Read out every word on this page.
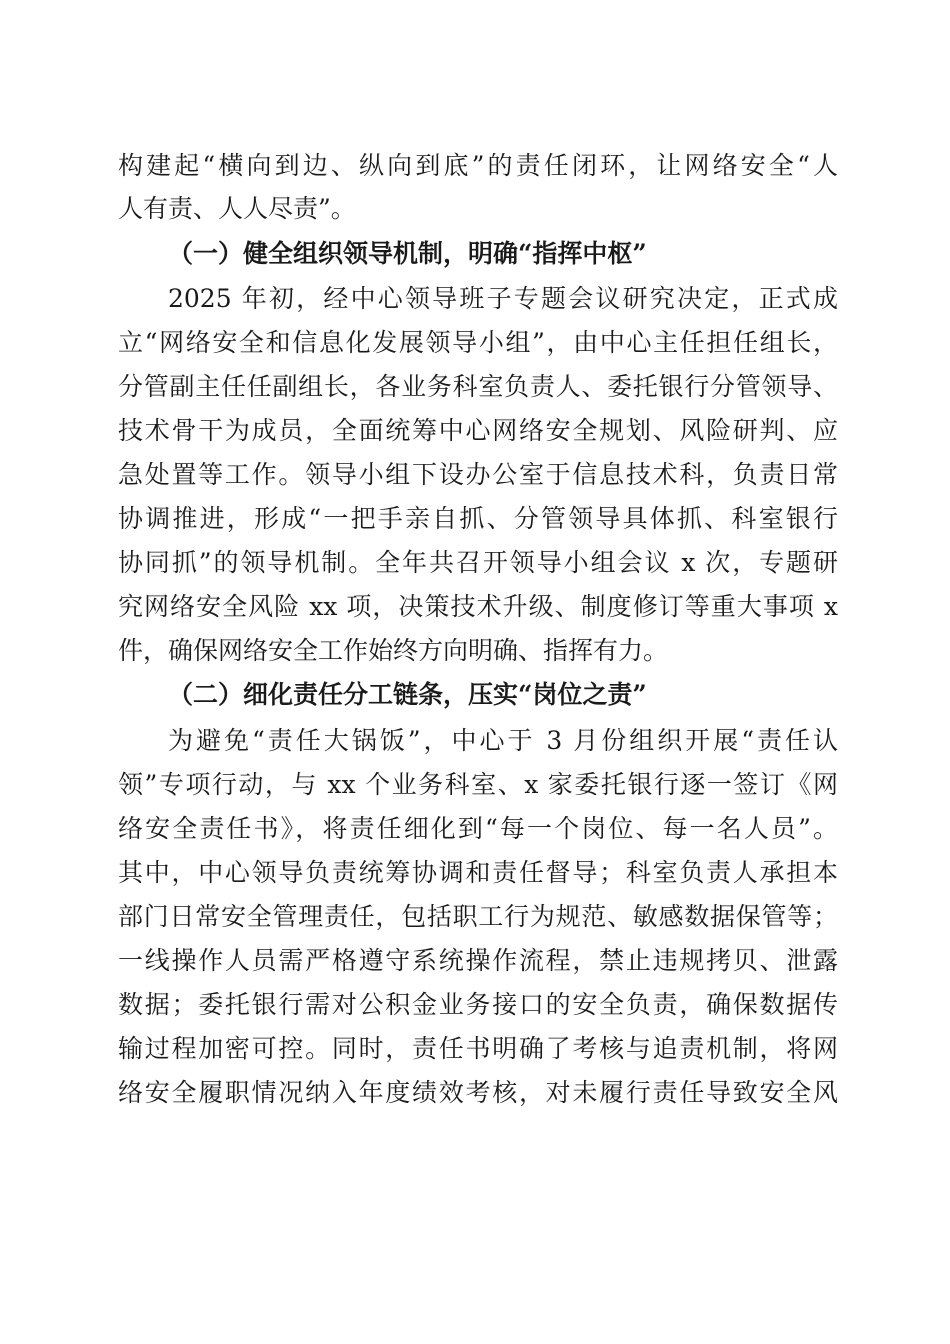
构建起“横向到边、纵向到底”的责任闭环，让网络安全“人
人有责、人人尽责”。
（一）健全组织领导机制，明确“指挥中枢”
2025 年初，经中心领导班子专题会议研究决定，正式成
立“网络安全和信息化发展领导小组”，由中心主任担任组长，
分管副主任任副组长，各业务科室负责人、委托银行分管领导、
技术骨干为成员，全面统筹中心网络安全规划、风险研判、应
急处置等工作。领导小组下设办公室于信息技术科，负责日常
协调推进，形成“一把手亲自抓、分管领导具体抓、科室银行
协同抓”的领导机制。全年共召开领导小组会议 x 次，专题研
究网络安全风险 xx 项，决策技术升级、制度修订等重大事项 x
件，确保网络安全工作始终方向明确、指挥有力。
（二）细化责任分工链条，压实“岗位之责”
为避免“责任大锅饭”，中心于 3 月份组织开展“责任认
领”专项行动，与 xx 个业务科室、x 家委托银行逐一签订《网
络安全责任书》，将责任细化到“每一个岗位、每一名人员”。
其中，中心领导负责统筹协调和责任督导；科室负责人承担本
部门日常安全管理责任，包括职工行为规范、敏感数据保管等；
一线操作人员需严格遵守系统操作流程，禁止违规拷贝、泄露
数据；委托银行需对公积金业务接口的安全负责，确保数据传
输过程加密可控。同时，责任书明确了考核与追责机制，将网
络安全履职情况纳入年度绩效考核，对未履行责任导致安全风
